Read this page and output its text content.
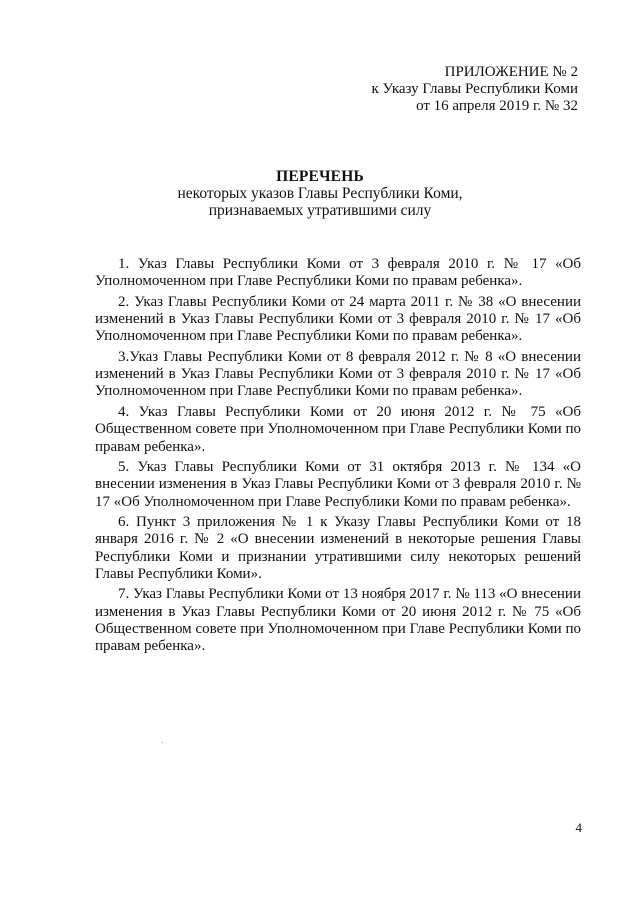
ПРИЛОЖЕНИЕ № 2
к Указу Главы Республики Коми
от 16 апреля 2019 г. № 32
ПЕРЕЧЕНЬ
некоторых указов Главы Республики Коми,
признаваемых утратившими силу

1. Указ Главы Республики Коми от 3 февраля 2010 г. № 17 «Об Уполномоченном при Главе Республики Коми по правам ребенка».

2. Указ Главы Республики Коми от 24 марта 2011 г. № 38 «О внесении изменений в Указ Главы Республики Коми от 3 февраля 2010 г. № 17 «Об Уполномоченном при Главе Республики Коми по правам ребенка».

3.Указ Главы Республики Коми от 8 февраля 2012 г. № 8 «О внесении изменений в Указ Главы Республики Коми от 3 февраля 2010 г. № 17 «Об Уполномоченном при Главе Республики Коми по правам ребенка».

4. Указ Главы Республики Коми от 20 июня 2012 г. № 75 «Об Общественном совете при Уполномоченном при Главе Республики Коми по правам ребенка».

5. Указ Главы Республики Коми от 31 октября 2013 г. № 134 «О внесении изменения в Указ Главы Республики Коми от 3 февраля 2010 г. № 17 «Об Уполномоченном при Главе Республики Коми по правам ребенка».

6. Пункт 3 приложения № 1 к Указу Главы Республики Коми от 18 января 2016 г. № 2 «О внесении изменений в некоторые решения Главы Республики Коми и признании утратившими силу некоторых решений Главы Республики Коми».

7. Указ Главы Республики Коми от 13 ноября 2017 г. № 113 «О внесении изменения в Указ Главы Республики Коми от 20 июня 2012 г. № 75 «Об Общественном совете при Уполномоченном при Главе Республики Коми по правам ребенка».

4
